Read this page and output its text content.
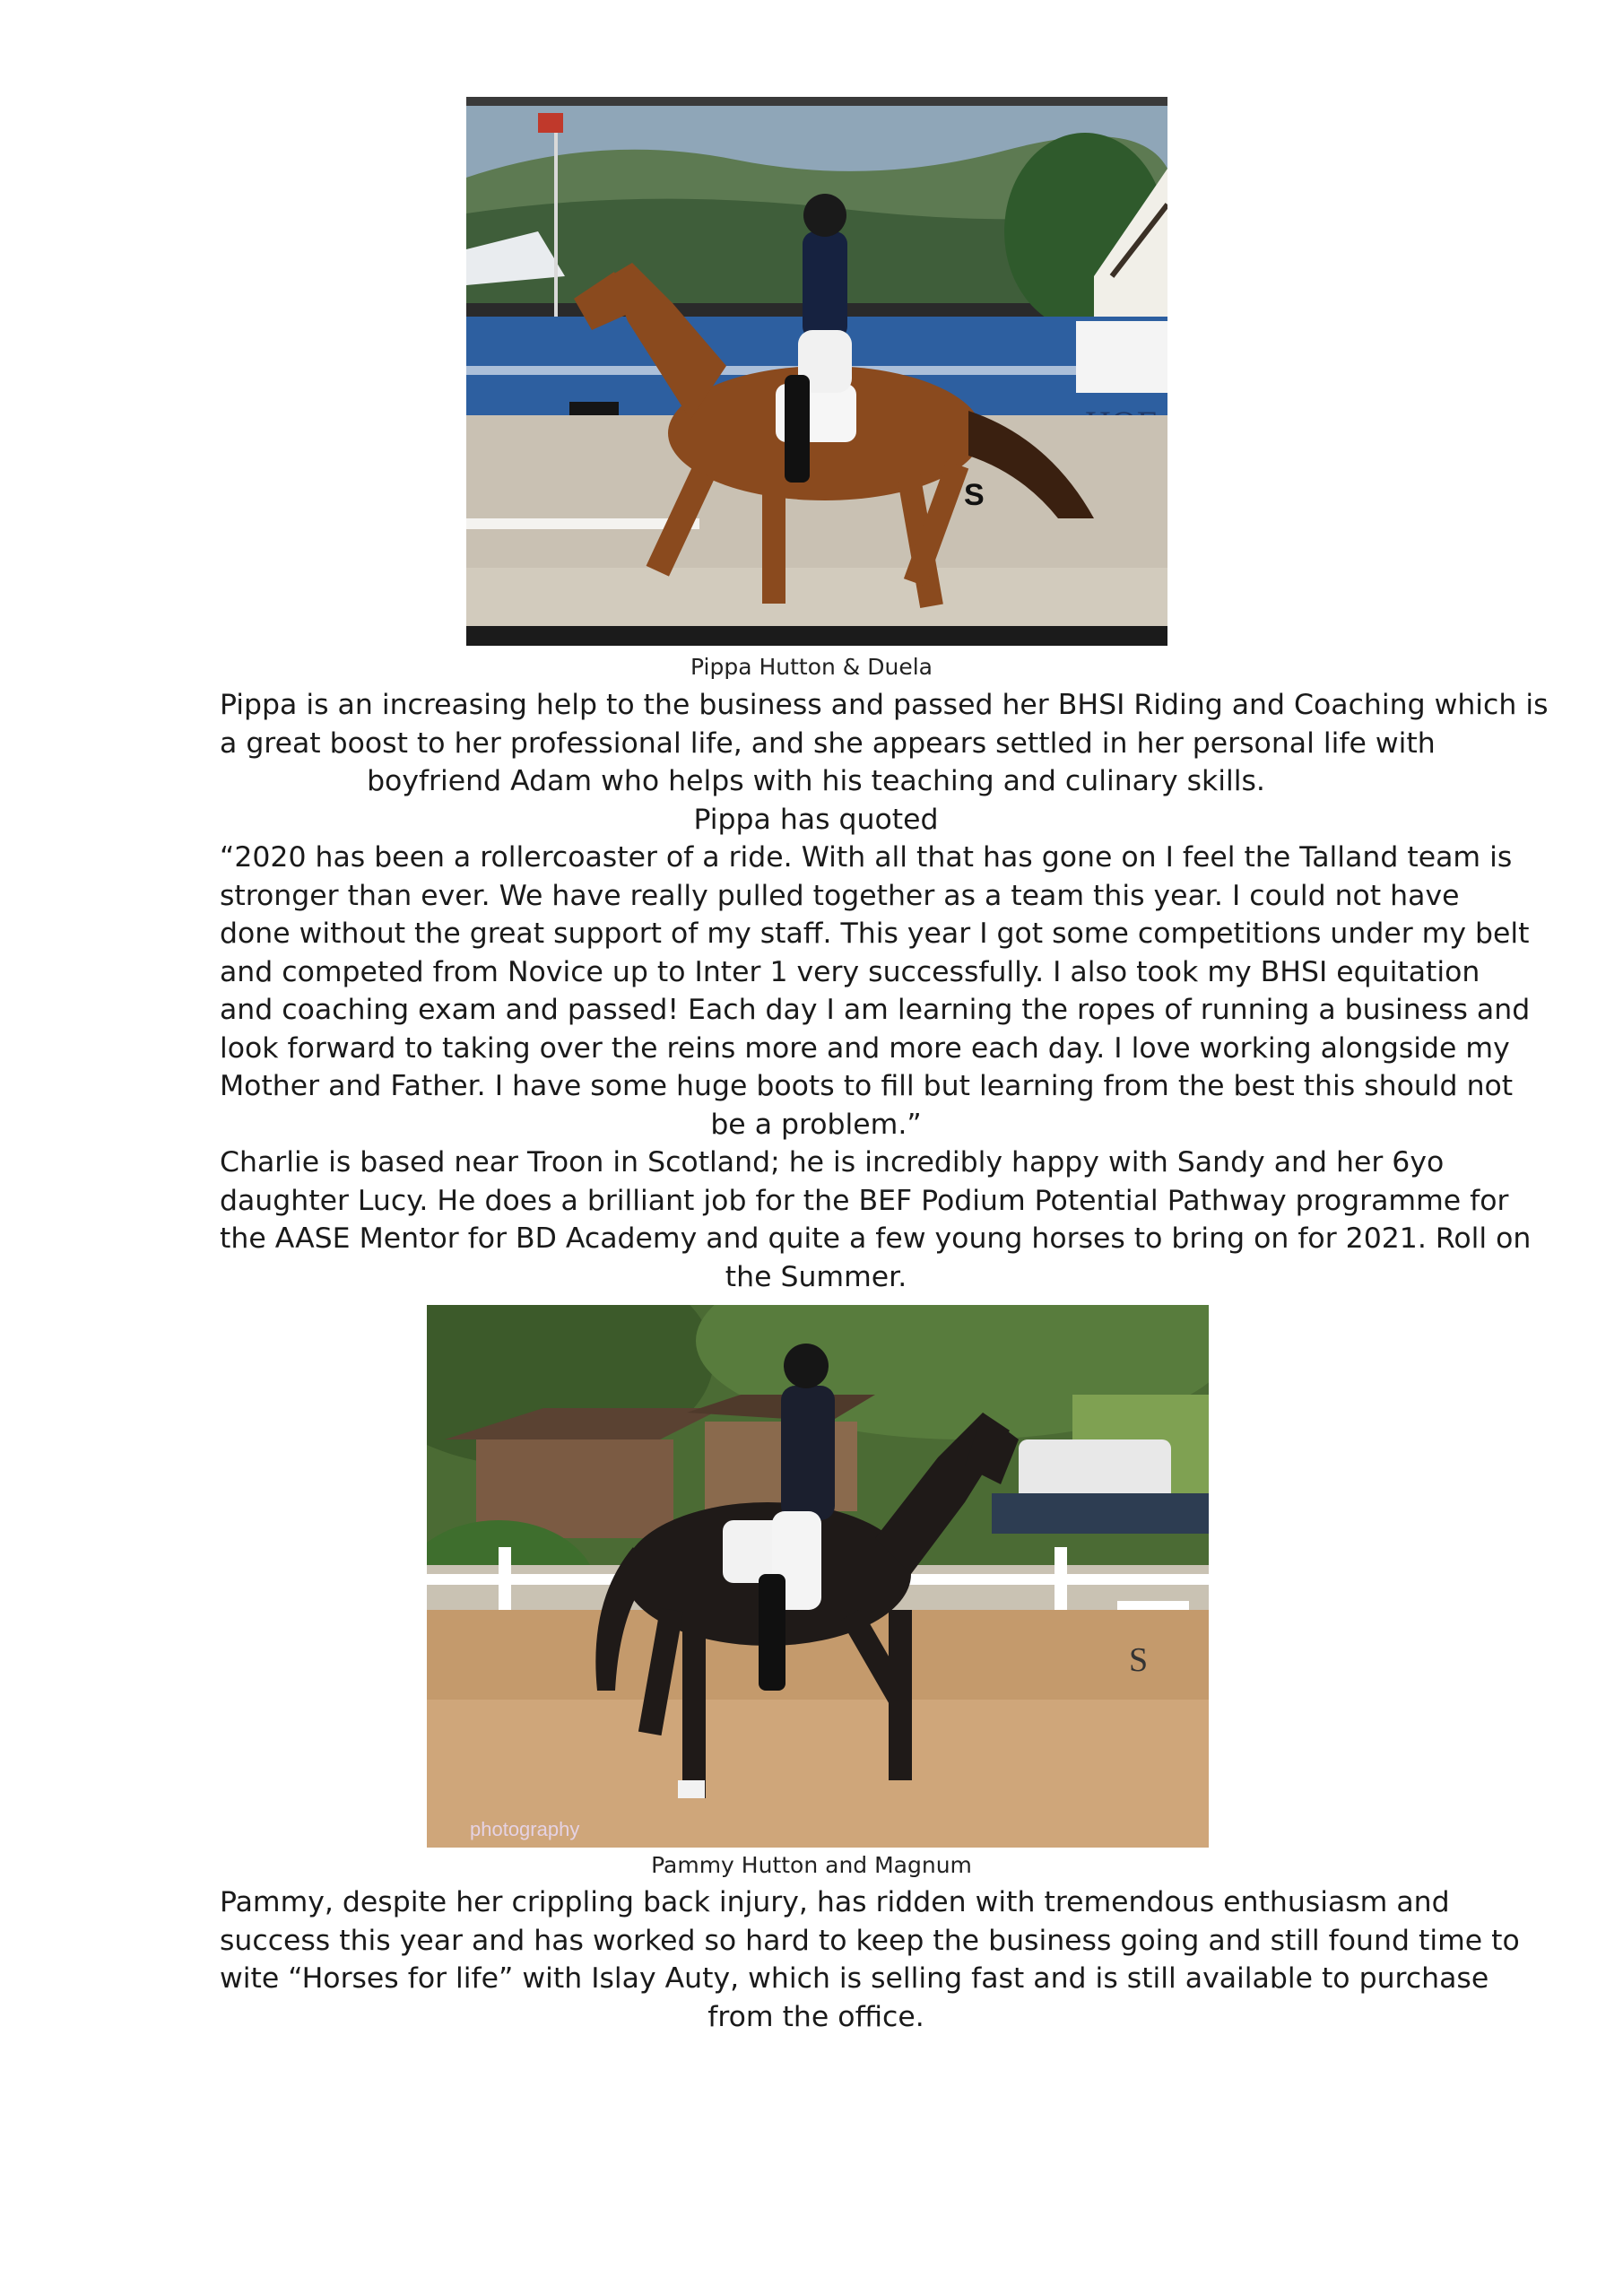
S
Pippa Hutton & Duela
Pippa is an increasing help to the business and passed her BHSI Riding and Coaching which is
a great boost to her professional life, and she appears settled in her personal life with
boyfriend Adam who helps with his teaching and culinary skills.
Pippa has quoted
“2020 has been a rollercoaster of a ride. With all that has gone on I feel the Talland team is
stronger than ever. We have really pulled together as a team this year. I could not have
done without the great support of my staff. This year I got some competitions under my belt
and competed from Novice up to Inter 1 very successfully. I also took my BHSI equitation
and coaching exam and passed! Each day I am learning the ropes of running a business and
look forward to taking over the reins more and more each day. I love working alongside my
Mother and Father. I have some huge boots to fill but learning from the best this should not
be a problem.”
Charlie is based near Troon in Scotland; he is incredibly happy with Sandy and her 6yo
daughter Lucy. He does a brilliant job for the BEF Podium Potential Pathway programme for
the AASE Mentor for BD Academy and quite a few young horses to bring on for 2021. Roll on
the Summer.
S
photography
Pammy Hutton and Magnum
Pammy, despite her crippling back injury, has ridden with tremendous enthusiasm and
success this year and has worked so hard to keep the business going and still found time to
wite “Horses for life” with Islay Auty, which is selling fast and is still available to purchase
from the office.
